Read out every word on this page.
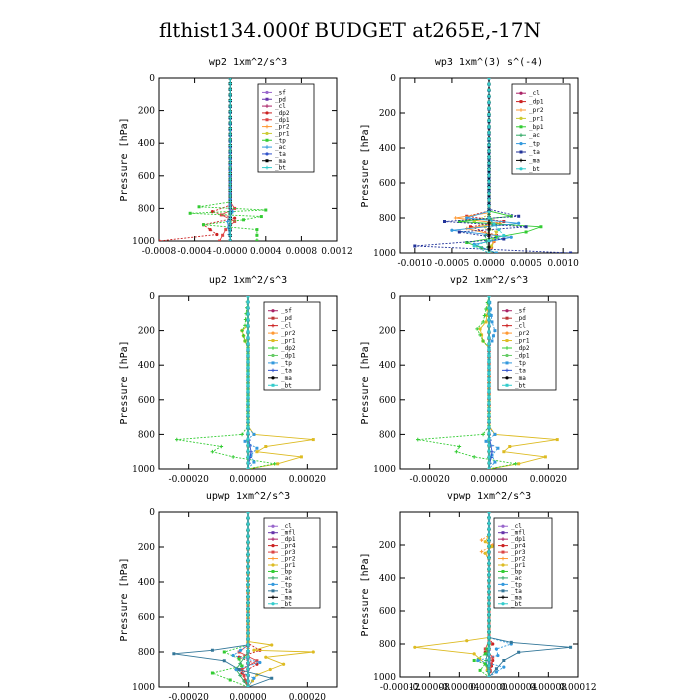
flthist134.000f BUDGET at265E,-17N
wp2 1xm^2/s^3
Pressure [hPa]
0
200
400
600
800
1000
-0.0008 -0.0004 -0.0000 0.0004 0.0008 0.0012
_sf
_pd
_cl
_dp2
_dp1
_pr2
_pr1
_tp
_ac
_ta
_ma
_bt
wp3 1xm^(3) s^(-4)
Pressure [hPa]
0
200
400
600
800
1000
-0.0010 -0.0005 0.0000 0.0005 0.0010
_cl
_dp1
_pr2
_pr1
_bp1
_ac
_tp
_ta
_ma
_bt
up2 1xm^2/s^3
Pressure [hPa]
0
200
400
600
800
1000
-0.00020 0.00000 0.00020
_sf
_pd
_cl
_pr2
_pr1
_dp2
_dp1
_tp
_ta
_ma
_bt
vp2 1xm^2/s^3
Pressure [hPa]
0
200
400
600
800
1000
-0.00020 0.00000 0.00020
_sf
_pd
_cl
_pr2
_pr1
_dp2
_dp1
_tp
_ta
_ma
_bt
upwp 1xm^2/s^3
Pressure [hPa]
0
200
400
600
800
1000
-0.00020 0.00000 0.00020
_cl
_mfl
_dp1
_pr4
_pr3
_pr2
_pr1
_bp
_ac
_tp
_ta
_ma
_bt
vpwp 1xm^2/s^3
Pressure [hPa]
200
400
600
800
1000
-0.00012
-0.00008
-0.00004
0.00000
0.00004
0.00008
0.00012
_cl
_mfl
_dp1
_pr4
_pr3
_pr2
_pr1
_bp
_ac
_tp
_ta
_ma
_bt
